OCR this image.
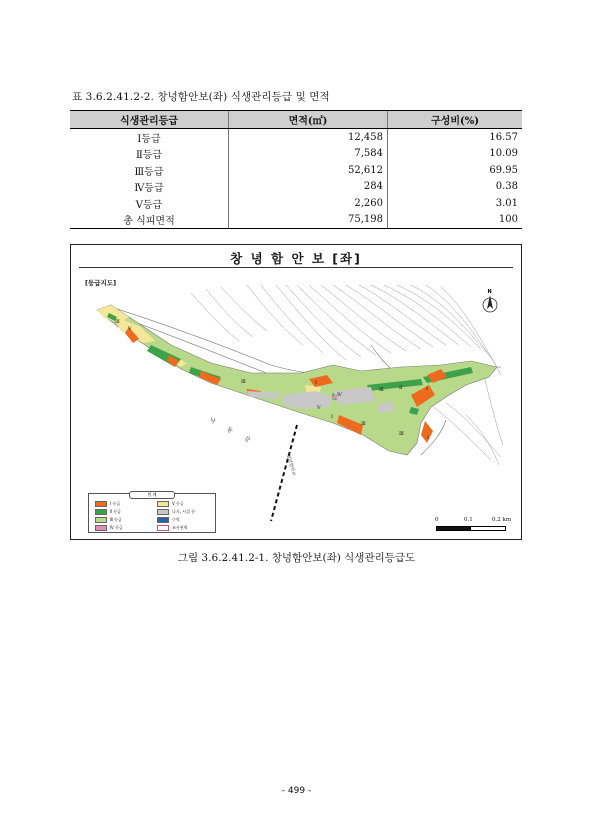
표 3.6.2.41.2-2. 창녕함안보(좌) 식생관리등급 및 면적
식생관리등급	면적(㎡)	구성비(%)
Ⅰ등급	12,458	16.57
Ⅱ등급	7,584	10.09
Ⅲ등급	52,612	69.95
Ⅳ등급	284	0.38
Ⅴ등급	2,260	3.01
총 식피면적	75,198	100
창 녕 함 안 보 [좌]
[등급지도]
Ⅲ
Ⅴ
Ⅲ
Ⅲ
Ⅳ
Ⅴ
Ⅰ
Ⅲ
Ⅲ
Ⅰ
Ⅱ
Ⅰ
Ⅰ
낙 동 강
창녕함안보
N
범 례
Ⅰ 등급	Ⅴ 등급
Ⅱ 등급	나지, 시설 등
Ⅲ 등급	수역
Ⅳ 등급	조사권역
0	0.1	0.2 km
그림 3.6.2.41.2-1. 창녕함안보(좌) 식생관리등급도
- 499 -
